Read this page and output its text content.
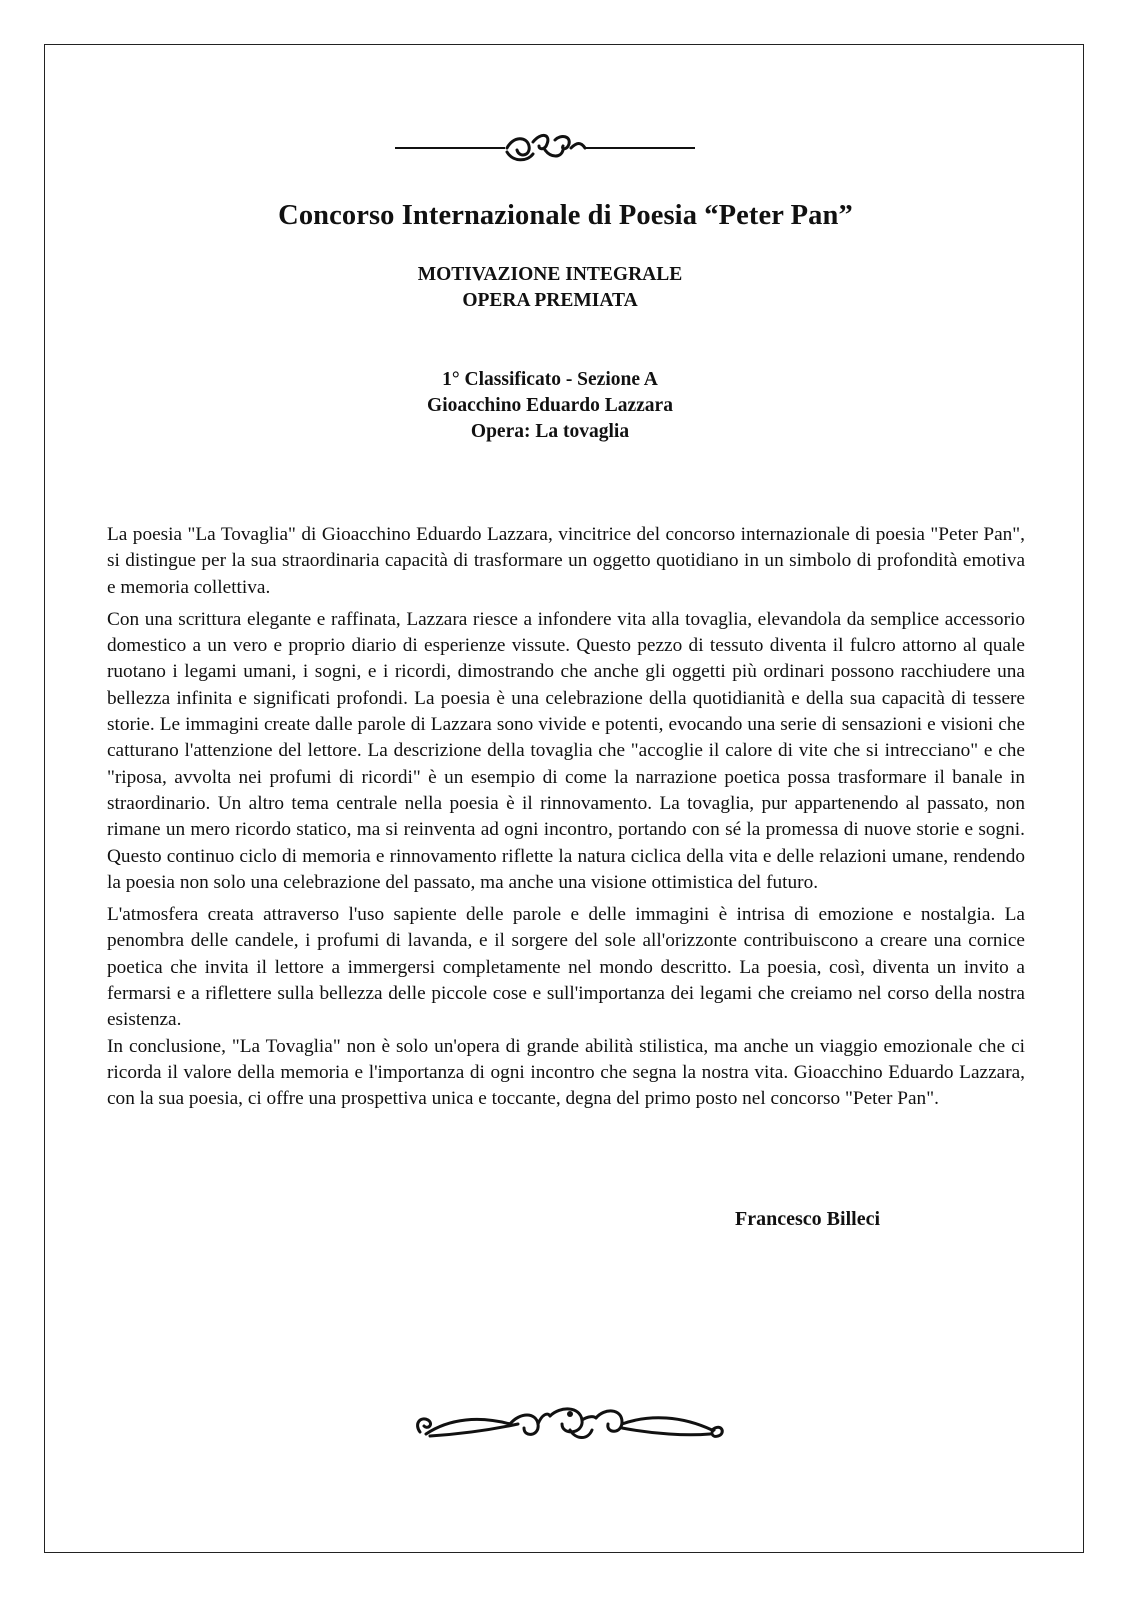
Concorso Internazionale di Poesia “Peter Pan”

MOTIVAZIONE INTEGRALE

OPERA PREMIATA

1° Classificato - Sezione A

Gioacchino Eduardo Lazzara

Opera: La tovaglia

La poesia "La Tovaglia" di Gioacchino Eduardo Lazzara, vincitrice del concorso internazionale di poesia "Peter Pan", si distingue per la sua straordinaria capacità di trasformare un oggetto quotidiano in un simbolo di profondità emotiva e memoria collettiva.

Con una scrittura elegante e raffinata, Lazzara riesce a infondere vita alla tovaglia, elevandola da semplice accessorio domestico a un vero e proprio diario di esperienze vissute. Questo pezzo di tessuto diventa il fulcro attorno al quale ruotano i legami umani, i sogni, e i ricordi, dimostrando che anche gli oggetti più ordinari possono racchiudere una bellezza infinita e significati profondi. La poesia è una celebrazione della quotidianità e della sua capacità di tessere storie. Le immagini create dalle parole di Lazzara sono vivide e potenti, evocando una serie di sensazioni e visioni che catturano l'attenzione del lettore. La descrizione della tovaglia che "accoglie il calore di vite che si intrecciano" e che "riposa, avvolta nei profumi di ricordi" è un esempio di come la narrazione poetica possa trasformare il banale in straordinario. Un altro tema centrale nella poesia è il rinnovamento. La tovaglia, pur appartenendo al passato, non rimane un mero ricordo statico, ma si reinventa ad ogni incontro, portando con sé la promessa di nuove storie e sogni. Questo continuo ciclo di memoria e rinnovamento riflette la natura ciclica della vita e delle relazioni umane, rendendo la poesia non solo una celebrazione del passato, ma anche una visione ottimistica del futuro.

L'atmosfera creata attraverso l'uso sapiente delle parole e delle immagini è intrisa di emozione e nostalgia. La penombra delle candele, i profumi di lavanda, e il sorgere del sole all'orizzonte contribuiscono a creare una cornice poetica che invita il lettore a immergersi completamente nel mondo descritto. La poesia, così, diventa un invito a fermarsi e a riflettere sulla bellezza delle piccole cose e sull'importanza dei legami che creiamo nel corso della nostra esistenza.

In conclusione, "La Tovaglia" non è solo un'opera di grande abilità stilistica, ma anche un viaggio emozionale che ci ricorda il valore della memoria e l'importanza di ogni incontro che segna la nostra vita. Gioacchino Eduardo Lazzara, con la sua poesia, ci offre una prospettiva unica e toccante, degna del primo posto nel concorso "Peter Pan".

Francesco Billeci
